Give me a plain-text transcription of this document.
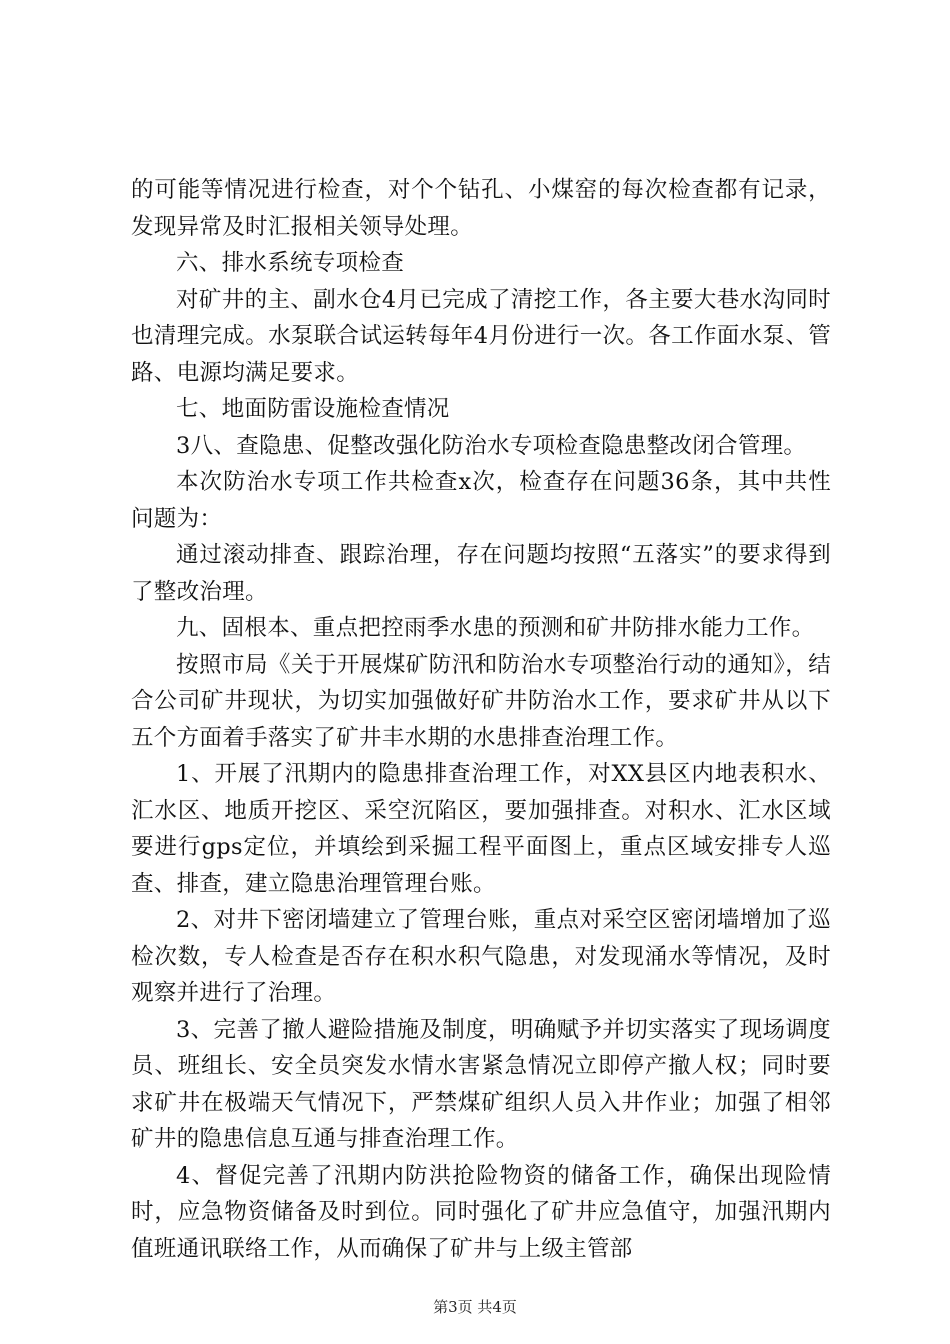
的可能等情况进行检查，对个个钻孔、小煤窑的每次检查都有记录，发现异常及时汇报相关领导处理。

六、排水系统专项检查

对矿井的主、副水仓4月已完成了清挖工作，各主要大巷水沟同时也清理完成。水泵联合试运转每年4月份进行一次。各工作面水泵、管路、电源均满足要求。

七、地面防雷设施检查情况

3八、查隐患、促整改强化防治水专项检查隐患整改闭合管理。

本次防治水专项工作共检查x次，检查存在问题36条，其中共性问题为：

通过滚动排查、跟踪治理，存在问题均按照“五落实”的要求得到了整改治理。

九、固根本、重点把控雨季水患的预测和矿井防排水能力工作。

按照市局《关于开展煤矿防汛和防治水专项整治行动的通知》，结合公司矿井现状，为切实加强做好矿井防治水工作，要求矿井从以下五个方面着手落实了矿井丰水期的水患排查治理工作。

1、开展了汛期内的隐患排查治理工作，对XX县区内地表积水、汇水区、地质开挖区、采空沉陷区，要加强排查。对积水、汇水区域要进行gps定位，并填绘到采掘工程平面图上，重点区域安排专人巡查、排查，建立隐患治理管理台账。

2、对井下密闭墙建立了管理台账，重点对采空区密闭墙增加了巡检次数，专人检查是否存在积水积气隐患，对发现涌水等情况，及时观察并进行了治理。

3、完善了撤人避险措施及制度，明确赋予并切实落实了现场调度员、班组长、安全员突发水情水害紧急情况立即停产撤人权；同时要求矿井在极端天气情况下，严禁煤矿组织人员入井作业；加强了相邻矿井的隐患信息互通与排查治理工作。

4、督促完善了汛期内防洪抢险物资的储备工作，确保出现险情时，应急物资储备及时到位。同时强化了矿井应急值守，加强汛期内值班通讯联络工作，从而确保了矿井与上级主管部

第3页 共4页
